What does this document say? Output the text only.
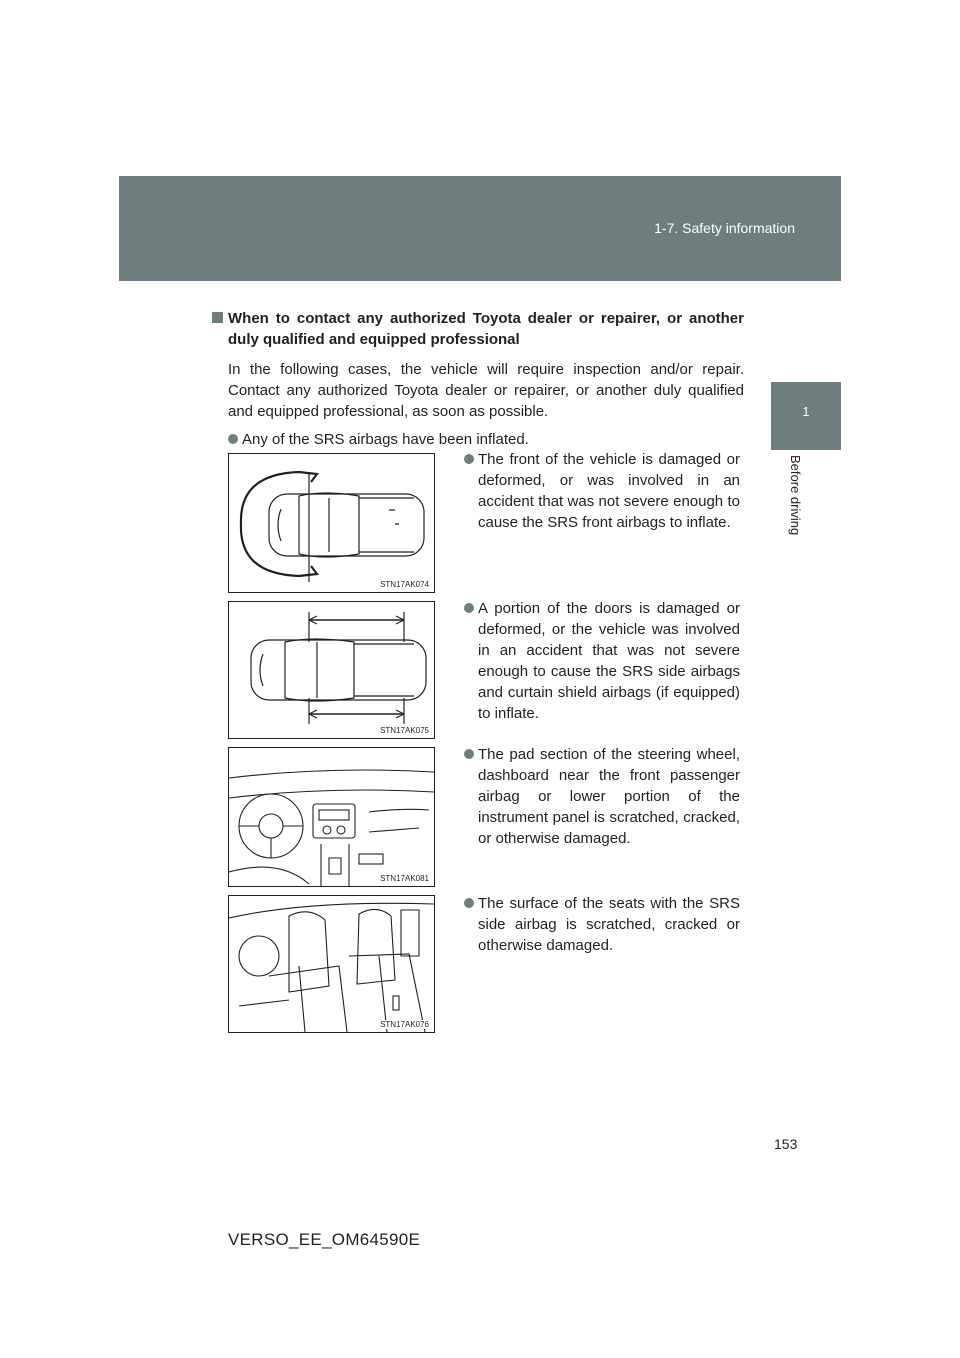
1-7. Safety information
1
Before driving
When to contact any authorized Toyota dealer or repairer, or another duly qualified and equipped professional
In the following cases, the vehicle will require inspection and/or repair. Contact any authorized Toyota dealer or repairer, or another duly qualified and equipped professional, as soon as possible.
Any of the SRS airbags have been inflated.
STN17AK074
The front of the vehicle is damaged or deformed, or was involved in an accident that was not severe enough to cause the SRS front airbags to inflate.
STN17AK075
A portion of the doors is damaged or deformed, or the vehicle was involved in an accident that was not severe enough to cause the SRS side airbags and curtain shield airbags (if equipped) to inflate.
STN17AK081
The pad section of the steering wheel, dashboard near the front passenger airbag or lower portion of the instrument panel is scratched, cracked, or otherwise damaged.
STN17AK076
The surface of the seats with the SRS side airbag is scratched, cracked or otherwise damaged.
153
VERSO_EE_OM64590E
